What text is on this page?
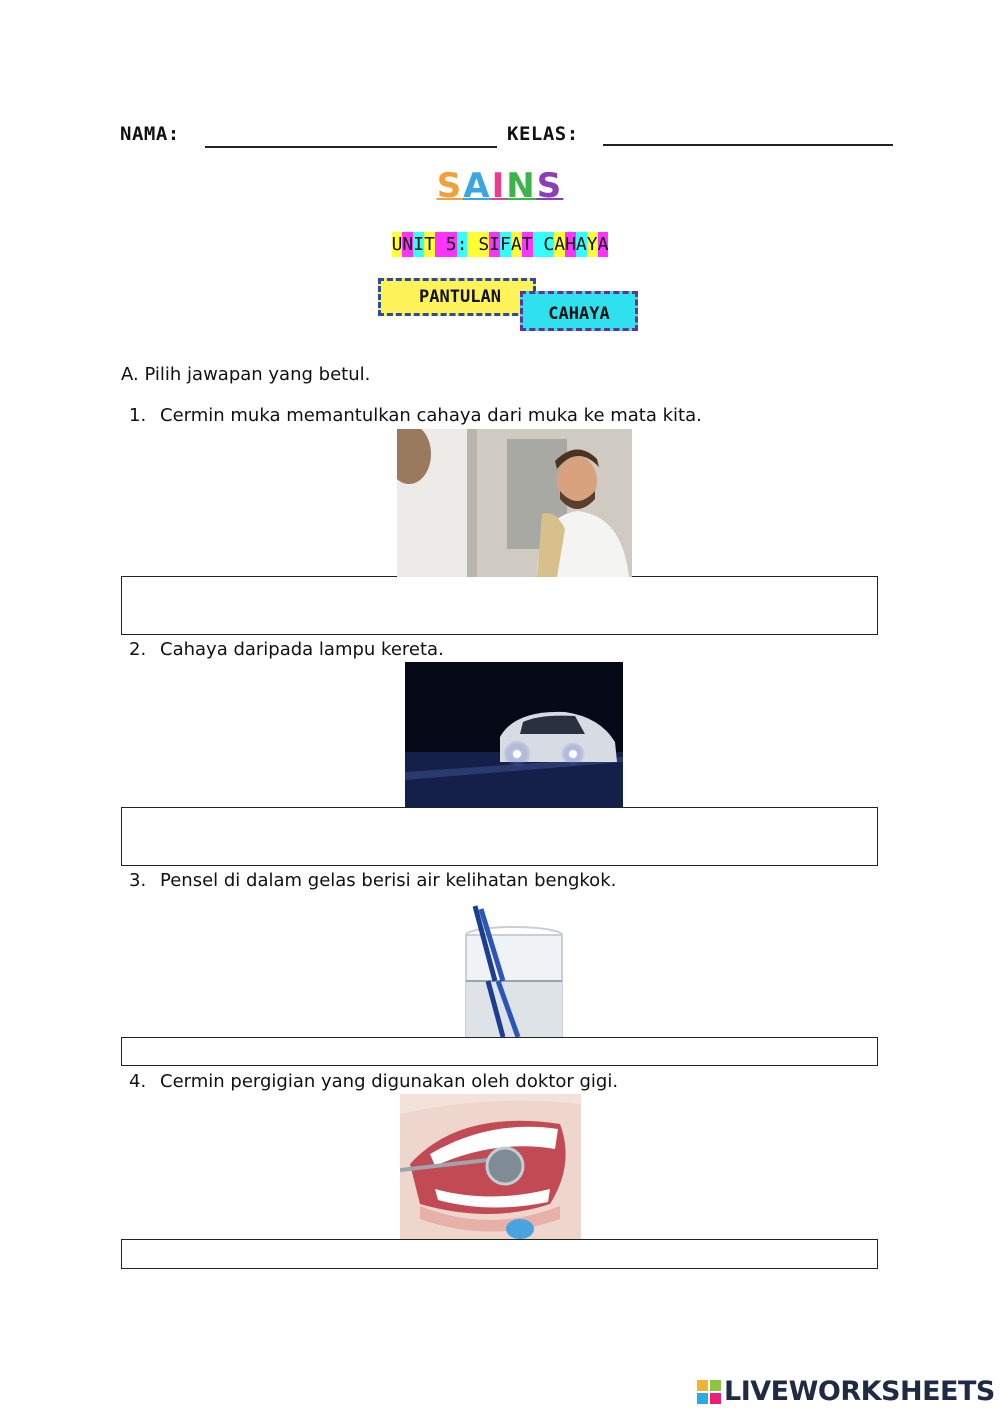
NAMA:	KELAS:
SAINS
UNIT 5: SIFAT CAHAYA
PANTULAN
CAHAYA
A. Pilih jawapan yang betul.
1. Cermin muka memantulkan cahaya dari muka ke mata kita.
2. Cahaya daripada lampu kereta.
3. Pensel di dalam gelas berisi air kelihatan bengkok.
4. Cermin pergigian yang digunakan oleh doktor gigi.
LIVEWORKSHEETS
